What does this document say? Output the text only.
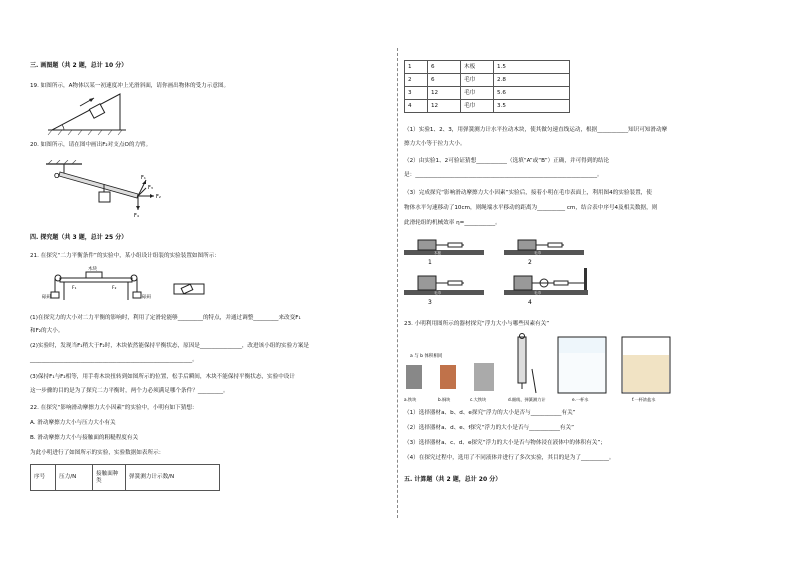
三. 画图题（共 2 题，总计 10 分）
19. 如图所示，A物体以某一初速度冲上光滑斜面，请你画出物体的受力示意图。
20. 如图所示，请在图中画出F₂对支点O的力臂。
O	F₁
F₃
F₂
F₄
四. 探究题（共 3 题，总计 25 分）
21. 在探究“二力平衡条件”的实验中，某小组设计组装的实验装置如图所示：
木块
砝码	砝码
F₁	F₂
(1)在探究力的大小对二力平衡的影响时，利用了定滑轮能够_________的特点，并通过调整_________来改变F₁
和F₂的大小。
(2)实验时，发现当F₁稍大于F₂时，木块依然能保持平衡状态，原因是_______________，改进该小组的实验方案是
__________________________________________________________。
(3)保持F₁与F₂相等，用手将木块扭转到如图所示的位置，松手后瞬间，木块不能保持平衡状态，实验中设计
这一步骤的目的是为了探究二力平衡时，两个力必须满足哪个条件？_________。
22. 在探究“影响滑动摩擦力大小因素”的实验中，小明有如下猜想：
A. 滑动摩擦力大小与压力大小有关
B. 滑动摩擦力大小与接触面的粗糙程度有关
为此小明进行了如图所示的实验，实验数据如表所示：
序号	压力/N	接触面种类	弹簧测力计示数/N
1	6	木板	1.5
2	6	毛巾	2.8
3	12	毛巾	5.6
4	12	毛巾	3.5
（1）实验1、2、3，用弹簧测力计水平拉动木块，使其做匀速直线运动，根据___________知识可知滑动摩
擦力大小等于拉力大小。
（2）由实验1、2可验证猜想___________（选填“A”或“B”）正确，并可得到的结论
是：_________________________________________________________________。
（3）完成探究“影响滑动摩擦力大小因素”实验后，接着小明在毛巾表面上，利用图4的实验装置，使
物体水平匀速移动了10cm，则绳端水平移动的距离为__________ cm，结合表中序号4及相关数据，则
此滑轮组的机械效率 η=___________。
1
木板
2
毛巾
3
毛巾
4
毛巾
23. 小明利用图所示的器材探究“浮力大小与哪些因素有关”
a 与 b 体积相同
a.铁块	b.铜块	c.大铁块	d.细线、弹簧测力计	e.一杯水	f.一杯浓盐水
（1）选择器材a、b、d、e探究“浮力的大小是否与___________有关”
（2）选择器材a、d、e、f探究“浮力的大小是否与___________有关”
（3）选择器材a、c、d、e探究“浮力的大小是否与物体浸在液体中的体积有关”；
（4）在探究过程中，选用了不同液体并进行了多次实验，其目的是为了__________。
五. 计算题（共 2 题，总计 20 分）
